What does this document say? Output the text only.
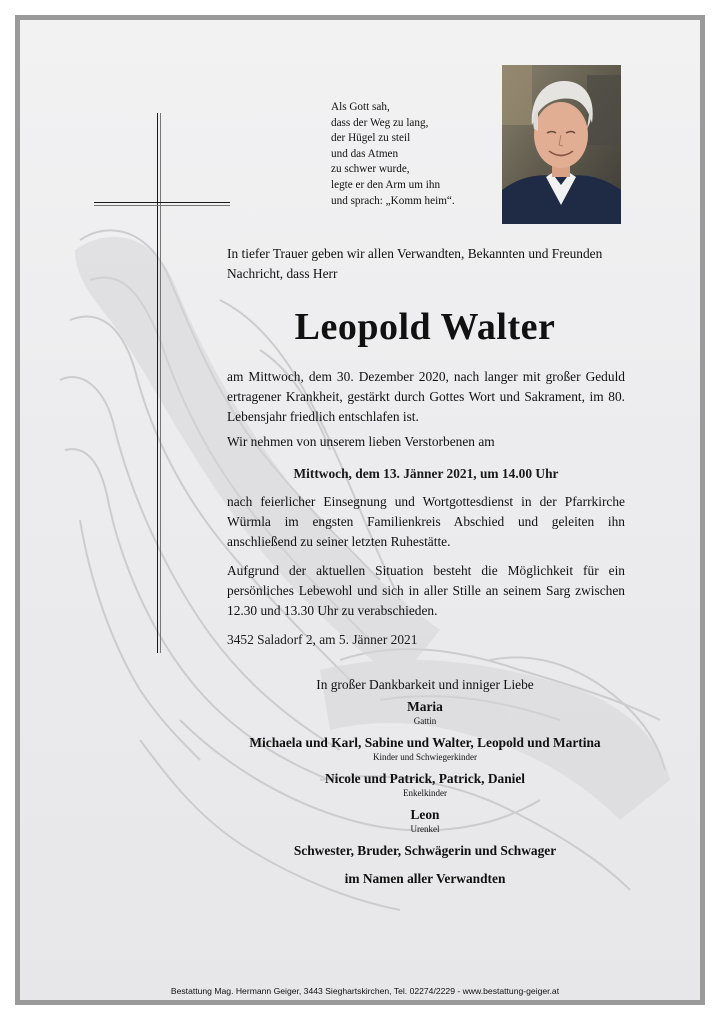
Als Gott sah,
dass der Weg zu lang,
der Hügel zu steil
und das Atmen
zu schwer wurde,
legte er den Arm um ihn
und sprach: „Komm heim“.
In tiefer Trauer geben wir allen Verwandten, Bekannten und Freunden Nachricht, dass Herr
Leopold Walter
am Mittwoch, dem 30. Dezember 2020, nach langer mit großer Geduld ertragener Krankheit, gestärkt durch Gottes Wort und Sakrament, im 80. Lebensjahr friedlich entschlafen ist.
Wir nehmen von unserem lieben Verstorbenen am
Mittwoch, dem 13. Jänner 2021, um 14.00 Uhr
nach feierlicher Einsegnung und Wortgottesdienst in der Pfarrkirche Würmla im engsten Familienkreis Abschied und geleiten ihn anschließend zu seiner letzten Ruhestätte.
Aufgrund der aktuellen Situation besteht die Möglichkeit für ein persönliches Lebewohl und sich in aller Stille an seinem Sarg zwischen 12.30 und 13.30 Uhr zu verabschieden.
3452 Saladorf 2, am 5. Jänner 2021
In großer Dankbarkeit und inniger Liebe
Maria
Gattin
Michaela und Karl, Sabine und Walter, Leopold und Martina
Kinder und Schwiegerkinder
Nicole und Patrick, Patrick, Daniel
Enkelkinder
Leon
Urenkel
Schwester, Bruder, Schwägerin und Schwager
im Namen aller Verwandten
Bestattung Mag. Hermann Geiger, 3443 Sieghartskirchen, Tel. 02274/2229 - www.bestattung-geiger.at
